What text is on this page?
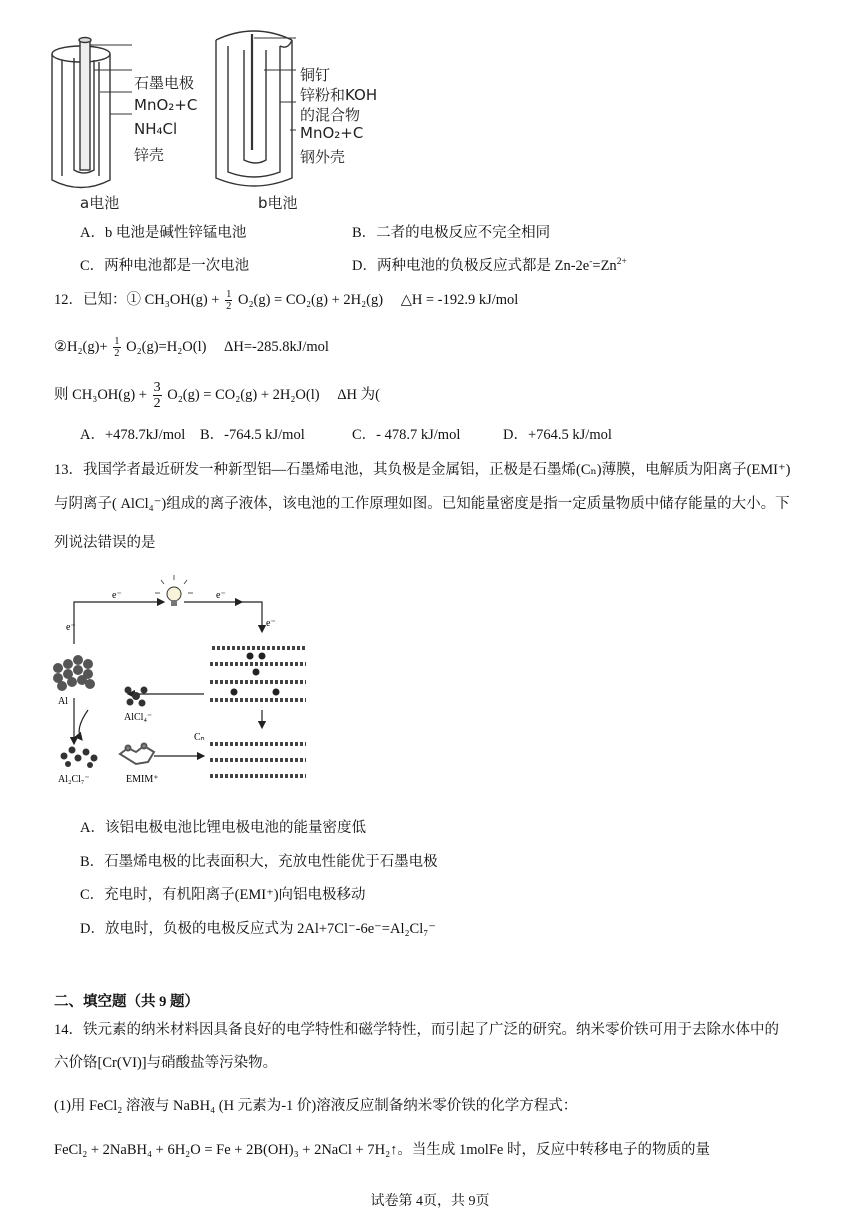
石墨电极
MnO₂+C
NH₄Cl
锌壳
a电池
铜钉
锌粉和KOH
的混合物
MnO₂+C
钢外壳
b电池
A．b 电池是碱性锌锰电池	B．二者的电极反应不完全相同
C．两种电池都是一次电池	D．两种电池的负极反应式都是 $Zn-2e^-=Zn^{2+}$
12．已知：① $CH_3OH(g) + \frac{1}{2} O_2(g) = CO_2(g) + 2H_2(g)$ △H = -192.9 kJ/mol
②H₂(g)+ $\frac{1}{2} O_2(g)=H_2O(l)$ ΔH=-285.8kJ/mol
则 $CH_3OH(g) + \frac{3}{2} O_2(g) = CO_2(g) + 2H_2O(l)$ ΔH 为(
A．+478.7kJ/mol B．-764.5 kJ/mol	C．- 478.7 kJ/mol	D．+764.5 kJ/mol
13．我国学者最近研发一种新型铝—石墨烯电池，其负极是金属铝，正极是石墨烯(Cₙ)薄膜，电解质为阳离子(EMI⁺)
与阴离子( AlCl₄⁻)组成的离子液体，该电池的工作原理如图。已知能量密度是指一定质量物质中储存能量的大小。下
列说法错误的是
e⁻	e⁻
e⁻	e⁻
Al
AlCl₄⁻
Al₂Cl₇⁻	EMIM⁺
Cₙ
A．该铝电极电池比锂电极电池的能量密度低
B．石墨烯电极的比表面积大，充放电性能优于石墨电极
C．充电时，有机阳离子(EMI⁺)向铝电极移动
D．放电时，负极的电极反应式为 2Al+7Cl⁻-6e⁻=Al₂Cl₇⁻
二、填空题（共 9 题）
14．铁元素的纳米材料因具备良好的电学特性和磁学特性，而引起了广泛的研究。纳米零价铁可用于去除水体中的
六价铬[Cr(VI)]与硝酸盐等污染物。
(1)用 FeCl₂ 溶液与 NaBH₄ (H 元素为-1 价)溶液反应制备纳米零价铁的化学方程式：
FeCl₂ + 2NaBH₄ + 6H₂O = Fe + 2B(OH)₃ + 2NaCl + 7H₂↑。当生成 1molFe 时，反应中转移电子的物质的量
试卷第 4页，共 9页
